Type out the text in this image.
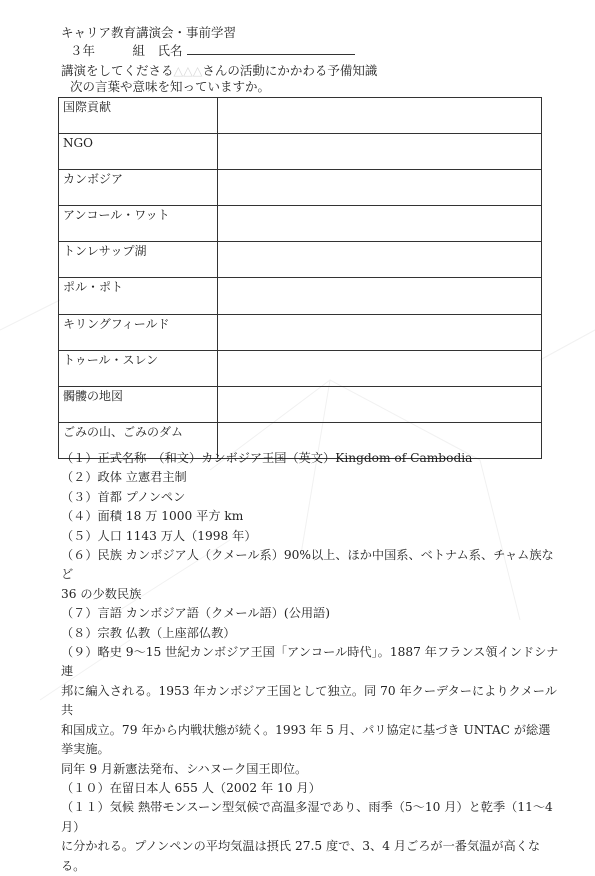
キャリア教育講演会・事前学習
３年　　　組　氏名
講演をしてくださる△△△さんの活動にかかわる予備知識
次の言葉や意味を知っていますか。
国際貢献	
NGO	
カンボジア	
アンコール・ワット	
トンレサップ湖	
ポル・ポト	
キリングフィールド	
トゥール・スレン	
髑髏の地図	
ごみの山、ごみのダム	
（１）正式名称　（和文）カンボジア王国（英文）Kingdom of Cambodia
（２）政体 立憲君主制
（３）首都 プノンペン
（４）面積 18 万 1000 平方 km
（５）人口 1143 万人（1998 年）
（６）民族 カンボジア人（クメール系）90%以上、ほか中国系、ベトナム系、チャム族など
36 の少数民族
（７）言語 カンボジア語（クメール語）(公用語)
（８）宗教 仏教（上座部仏教）
（９）略史 9～15 世紀カンボジア王国「アンコール時代」。1887 年フランス領インドシナ連
邦に編入される。1953 年カンボジア王国として独立。同 70 年クーデターによりクメール共
和国成立。79 年から内戦状態が続く。1993 年 5 月、パリ協定に基づき UNTAC が総選挙実施。
同年 9 月新憲法発布、シハヌーク国王即位。
（１０）在留日本人 655 人（2002 年 10 月）
（１１）気候 熱帯モンスーン型気候で高温多湿であり、雨季（5～10 月）と乾季（11～4 月）
に分かれる。プノンペンの平均気温は摂氏 27.5 度で、3、4 月ごろが一番気温が高くなる。
